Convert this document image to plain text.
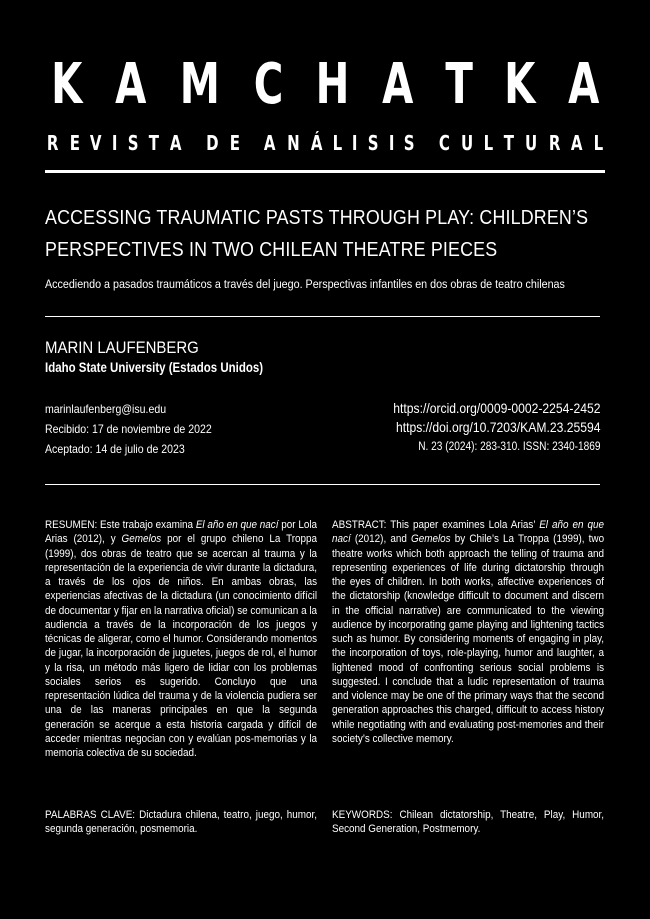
K A M C H A T K A
R E V I S T A D E A N Á L I S I S C U L T U R A L
ACCESSING TRAUMATIC PASTS THROUGH PLAY: CHILDREN’S
PERSPECTIVES IN TWO CHILEAN THEATRE PIECES
Accediendo a pasados traumáticos a través del juego. Perspectivas infantiles en dos obras de teatro chilenas
MARIN LAUFENBERG
Idaho State University (Estados Unidos)
marinlaufenberg@isu.edu
Recibido: 17 de noviembre de 2022
Aceptado: 14 de julio de 2023
https://orcid.org/0009-0002-2254-2452
https://doi.org/10.7203/KAM.23.25594
N. 23 (2024): 283-310. ISSN: 2340-1869
RESUMEN: Este trabajo examina El año en que nací por Lola Arias (2012), y Gemelos por el grupo chileno La Troppa (1999), dos obras de teatro que se acercan al trauma y la representación de la experiencia de vivir durante la dictadura, a través de los ojos de niños. En ambas obras, las experiencias afectivas de la dictadura (un conocimiento difícil de documentar y fijar en la narrativa oficial) se comunican a la audiencia a través de la incorporación de los juegos y técnicas de aligerar, como el humor. Considerando momentos de jugar, la incorporación de juguetes, juegos de rol, el humor y la risa, un método más ligero de lidiar con los problemas sociales serios es sugerido. Concluyo que una representación lúdica del trauma y de la violencia pudiera ser una de las maneras principales en que la segunda generación se acerque a esta historia cargada y difícil de acceder mientras negocian con y evalúan pos-memorias y la memoria colectiva de su sociedad.
ABSTRACT: This paper examines Lola Arias’ El año en que nací (2012), and Gemelos by Chile’s La Troppa (1999), two theatre works which both approach the telling of trauma and representing experiences of life during dictatorship through the eyes of children. In both works, affective experiences of the dictatorship (knowledge difficult to document and discern in the official narrative) are communicated to the viewing audience by incorporating game playing and lightening tactics such as humor. By considering moments of engaging in play, the incorporation of toys, role-playing, humor and laughter, a lightened mood of confronting serious social problems is suggested. I conclude that a ludic representation of trauma and violence may be one of the primary ways that the second generation approaches this charged, difficult to access history while negotiating with and evaluating post-memories and their society’s collective memory.
PALABRAS CLAVE: Dictadura chilena, teatro, juego, humor, segunda generación, posmemoria.
KEYWORDS: Chilean dictatorship, Theatre, Play, Humor, Second Generation, Postmemory.
